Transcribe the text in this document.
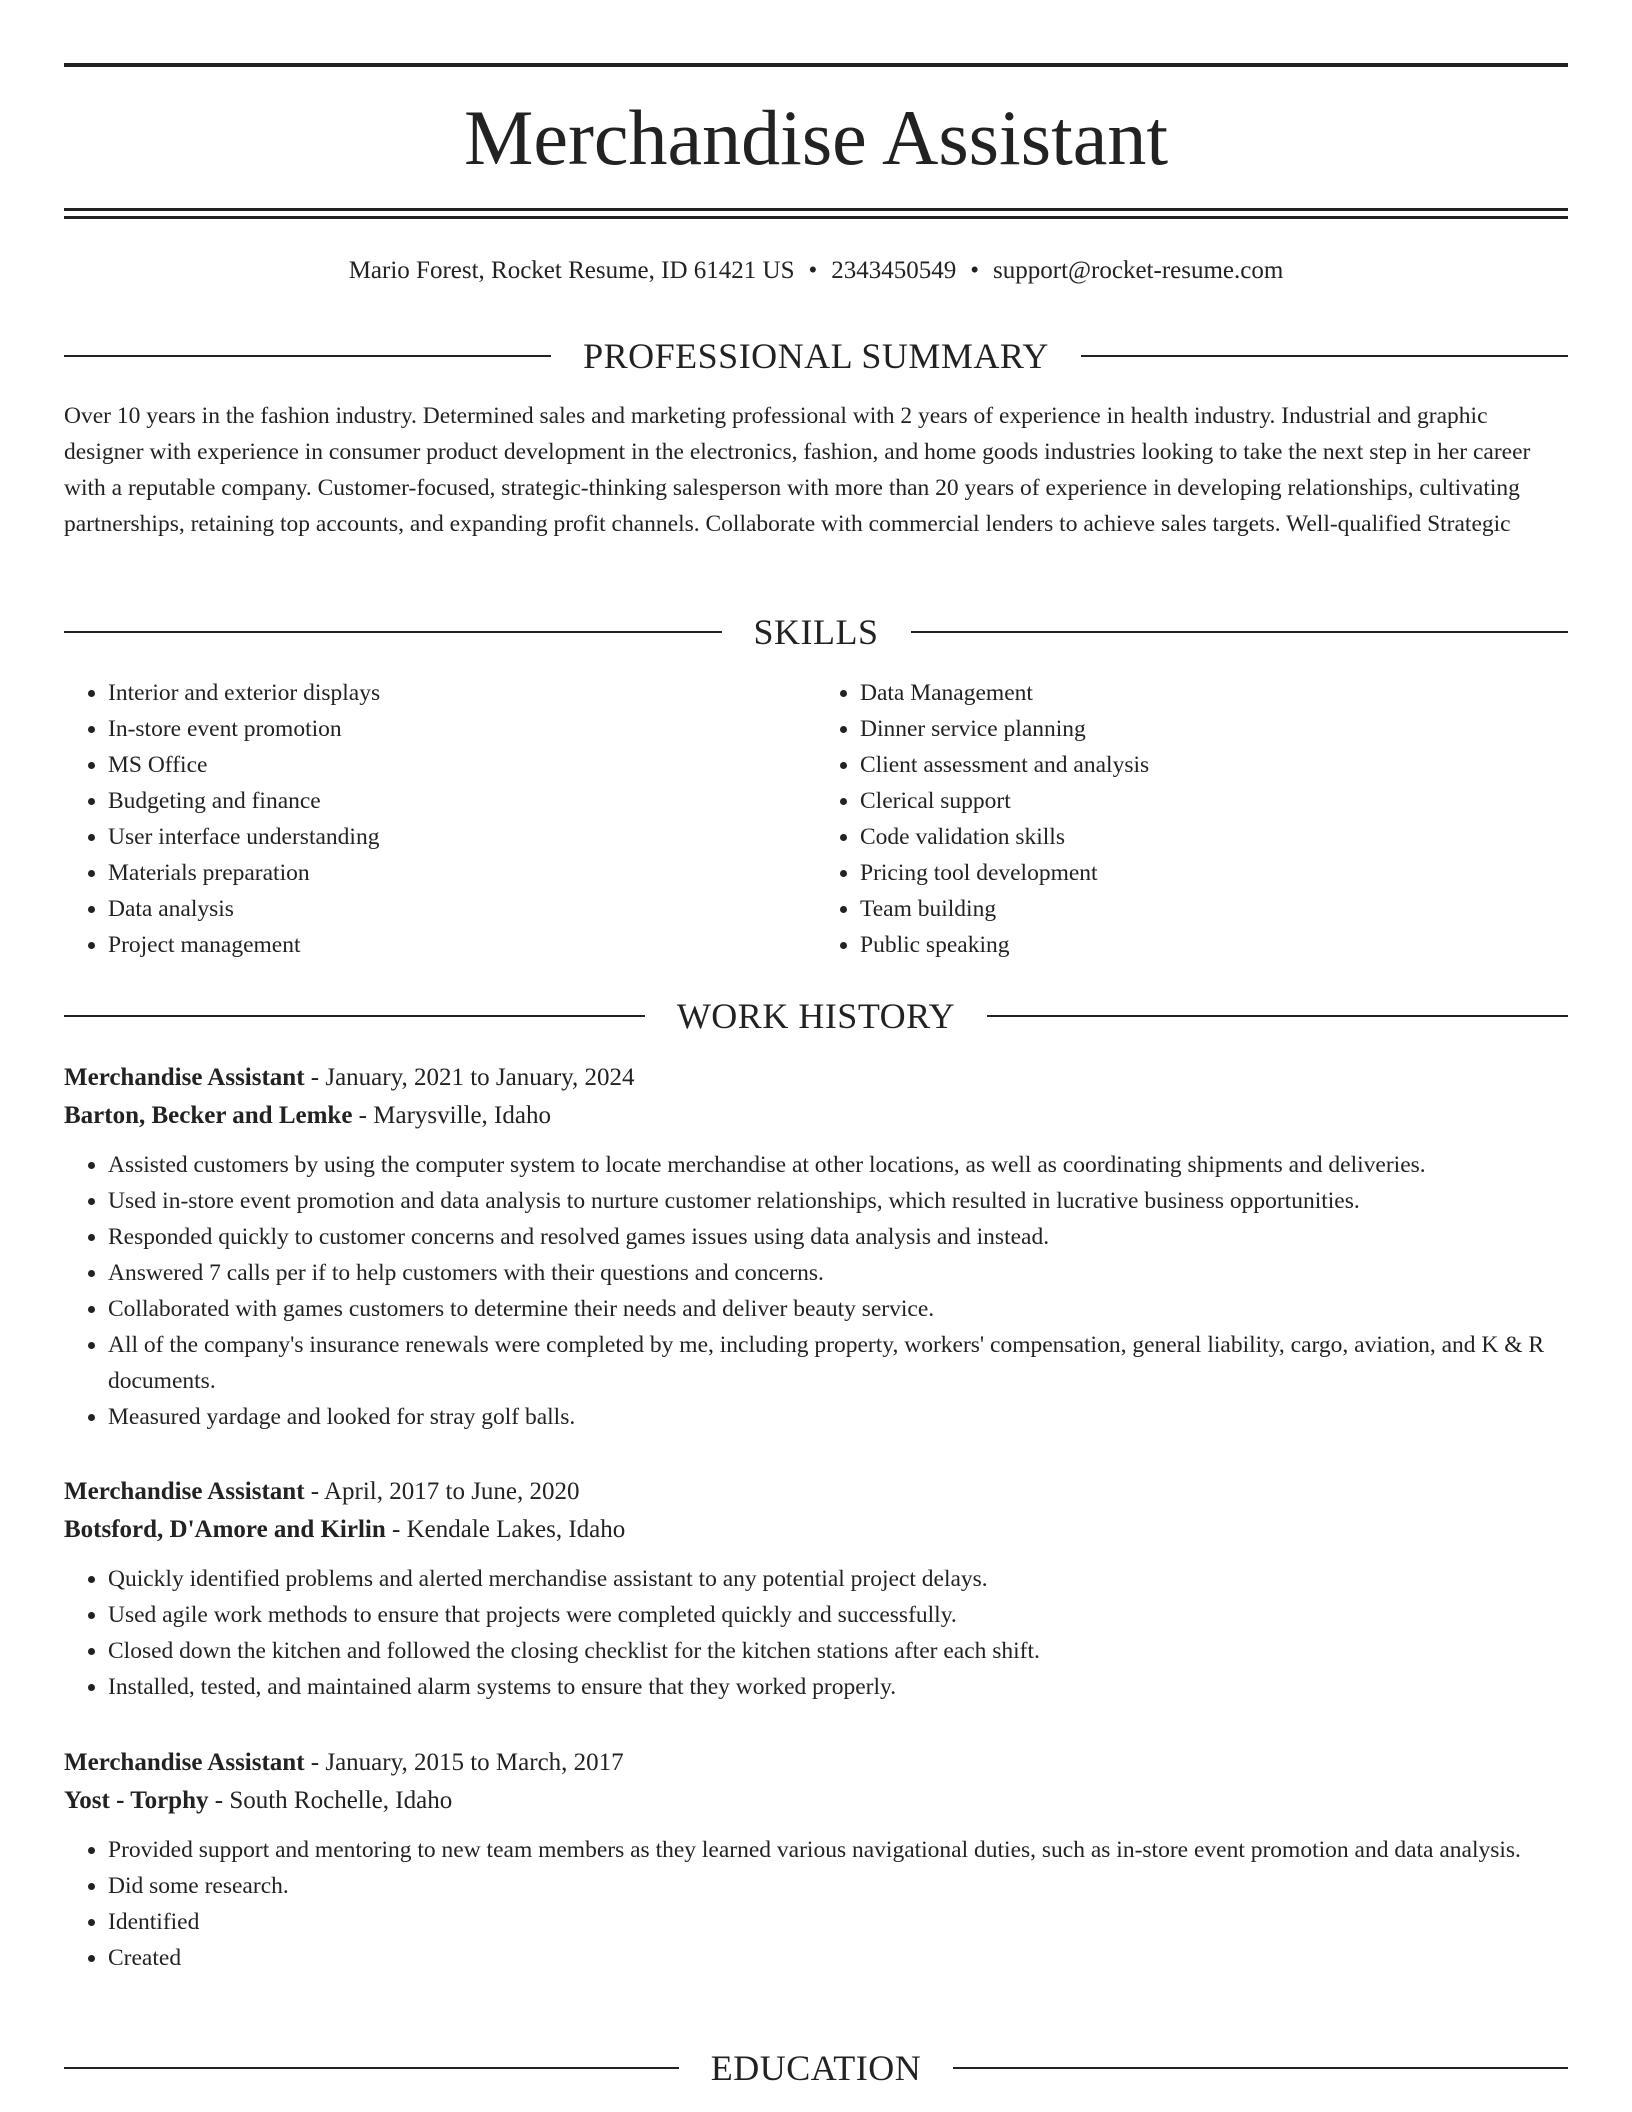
Merchandise Assistant
Mario Forest, Rocket Resume, ID 61421 US • 2343450549 • support@rocket-resume.com
PROFESSIONAL SUMMARY

Over 10 years in the fashion industry. Determined sales and marketing professional with 2 years of experience in health industry. Industrial and graphic designer with experience in consumer product development in the electronics, fashion, and home goods industries looking to take the next step in her career with a reputable company. Customer-focused, strategic-thinking salesperson with more than 20 years of experience in developing relationships, cultivating partnerships, retaining top accounts, and expanding profit channels. Collaborate with commercial lenders to achieve sales targets. Well-qualified Strategic

SKILLS
• Interior and exterior displays
• In-store event promotion
• MS Office
• Budgeting and finance
• User interface understanding
• Materials preparation
• Data analysis
• Project management
• Data Management
• Dinner service planning
• Client assessment and analysis
• Clerical support
• Code validation skills
• Pricing tool development
• Team building
• Public speaking
WORK HISTORY
Merchandise Assistant - January, 2021 to January, 2024
Barton, Becker and Lemke - Marysville, Idaho
• Assisted customers by using the computer system to locate merchandise at other locations, as well as coordinating shipments and deliveries.
• Used in-store event promotion and data analysis to nurture customer relationships, which resulted in lucrative business opportunities.
• Responded quickly to customer concerns and resolved games issues using data analysis and instead.
• Answered 7 calls per if to help customers with their questions and concerns.
• Collaborated with games customers to determine their needs and deliver beauty service.
• All of the company's insurance renewals were completed by me, including property, workers' compensation, general liability, cargo, aviation, and K & R documents.
• Measured yardage and looked for stray golf balls.
Merchandise Assistant - April, 2017 to June, 2020
Botsford, D'Amore and Kirlin - Kendale Lakes, Idaho
• Quickly identified problems and alerted merchandise assistant to any potential project delays.
• Used agile work methods to ensure that projects were completed quickly and successfully.
• Closed down the kitchen and followed the closing checklist for the kitchen stations after each shift.
• Installed, tested, and maintained alarm systems to ensure that they worked properly.
Merchandise Assistant - January, 2015 to March, 2017
Yost - Torphy - South Rochelle, Idaho
• Provided support and mentoring to new team members as they learned various navigational duties, such as in-store event promotion and data analysis.
• Did some research.
• Identified
• Created
EDUCATION
